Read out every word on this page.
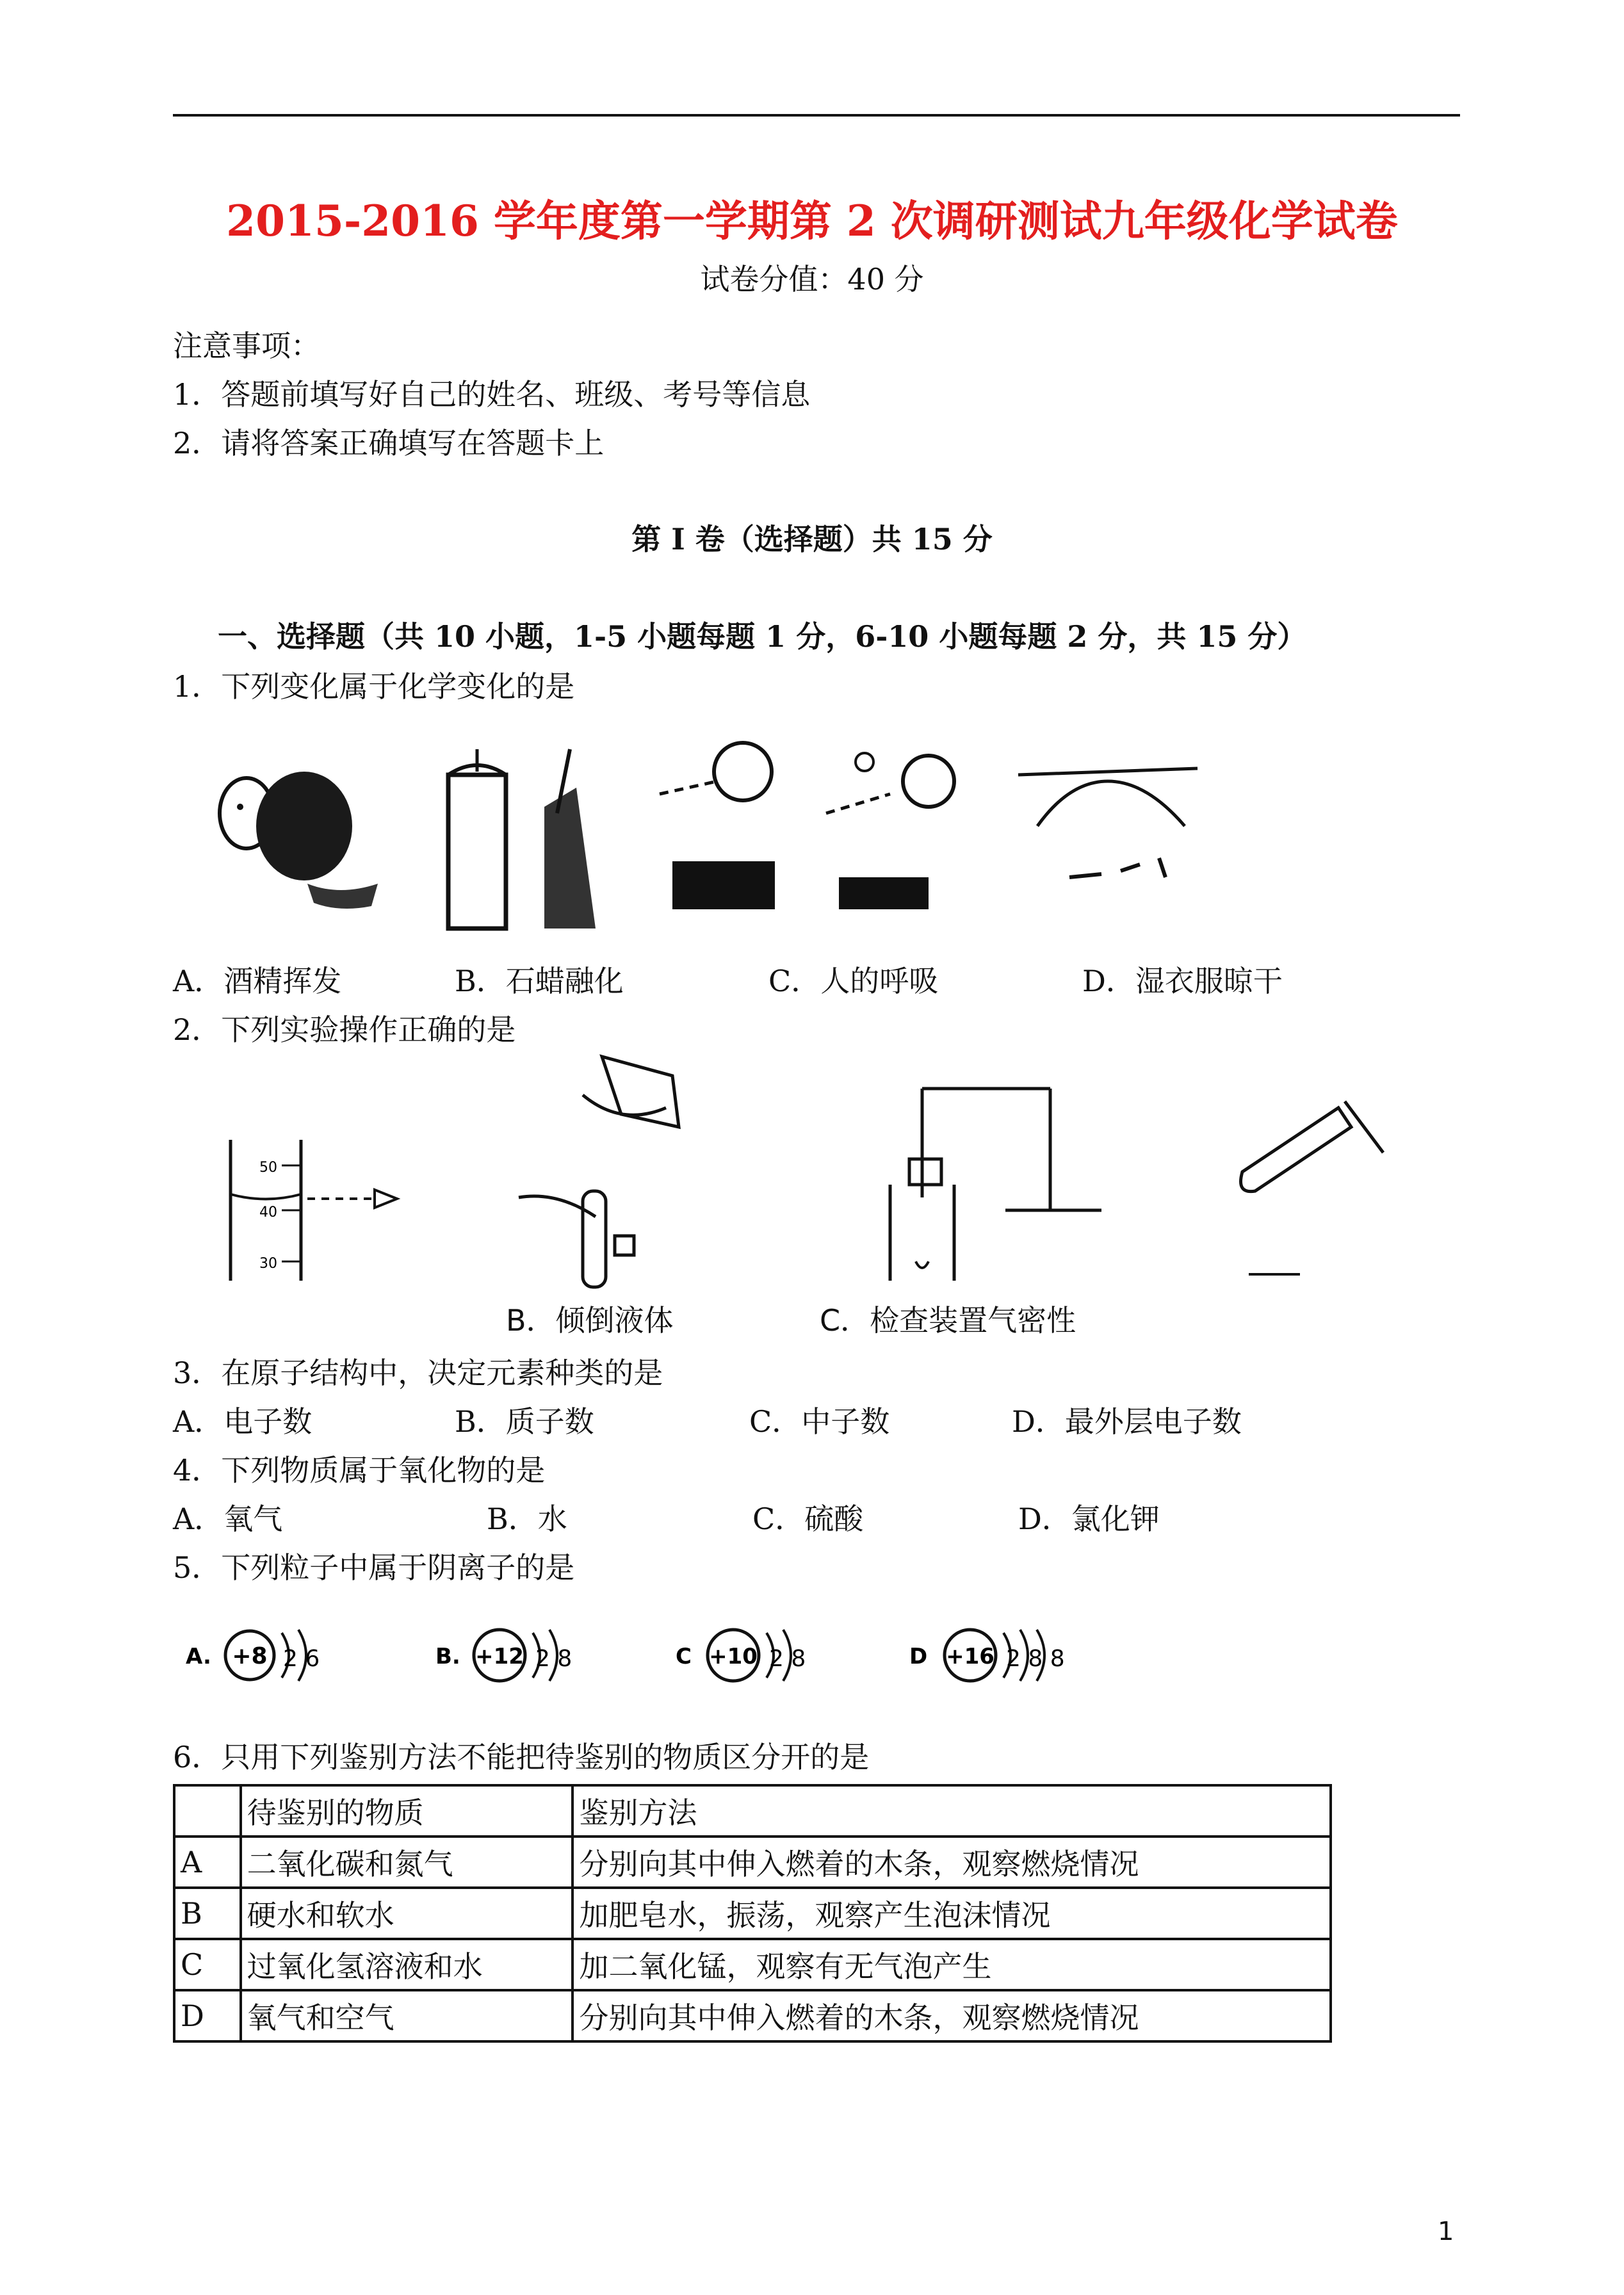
2015-2016 学年度第一学期第 2 次调研测试九年级化学试卷
试卷分值：40 分
注意事项：
1．答题前填写好自己的姓名、班级、考号等信息
2．请将答案正确填写在答题卡上
第 I 卷（选择题）共 15 分
一、选择题（共 10 小题，1-5 小题每题 1 分，6-10 小题每题 2 分，共 15 分）
1．下列变化属于化学变化的是
A．酒精挥发	B．石蜡融化	C．人的呼吸	D．湿衣服晾干
2．下列实验操作正确的是
50
40
30
B．倾倒液体	C．检查装置气密性
3．在原子结构中，决定元素种类的是
A．电子数	B．质子数	C．中子数	D．最外层电子数
4．下列物质属于氧化物的是
A．氧气	B．水	C．硫酸	D．氯化钾
5．下列粒子中属于阴离子的是
A. +8 2 6	B. +12 2 8	C +10 2 8	D +16 2 8 8
6．只用下列鉴别方法不能把待鉴别的物质区分开的是
	待鉴别的物质	鉴别方法
A	二氧化碳和氮气	分别向其中伸入燃着的木条，观察燃烧情况
B	硬水和软水	加肥皂水，振荡，观察产生泡沫情况
C	过氧化氢溶液和水	加二氧化锰，观察有无气泡产生
D	氧气和空气	分别向其中伸入燃着的木条，观察燃烧情况
1
